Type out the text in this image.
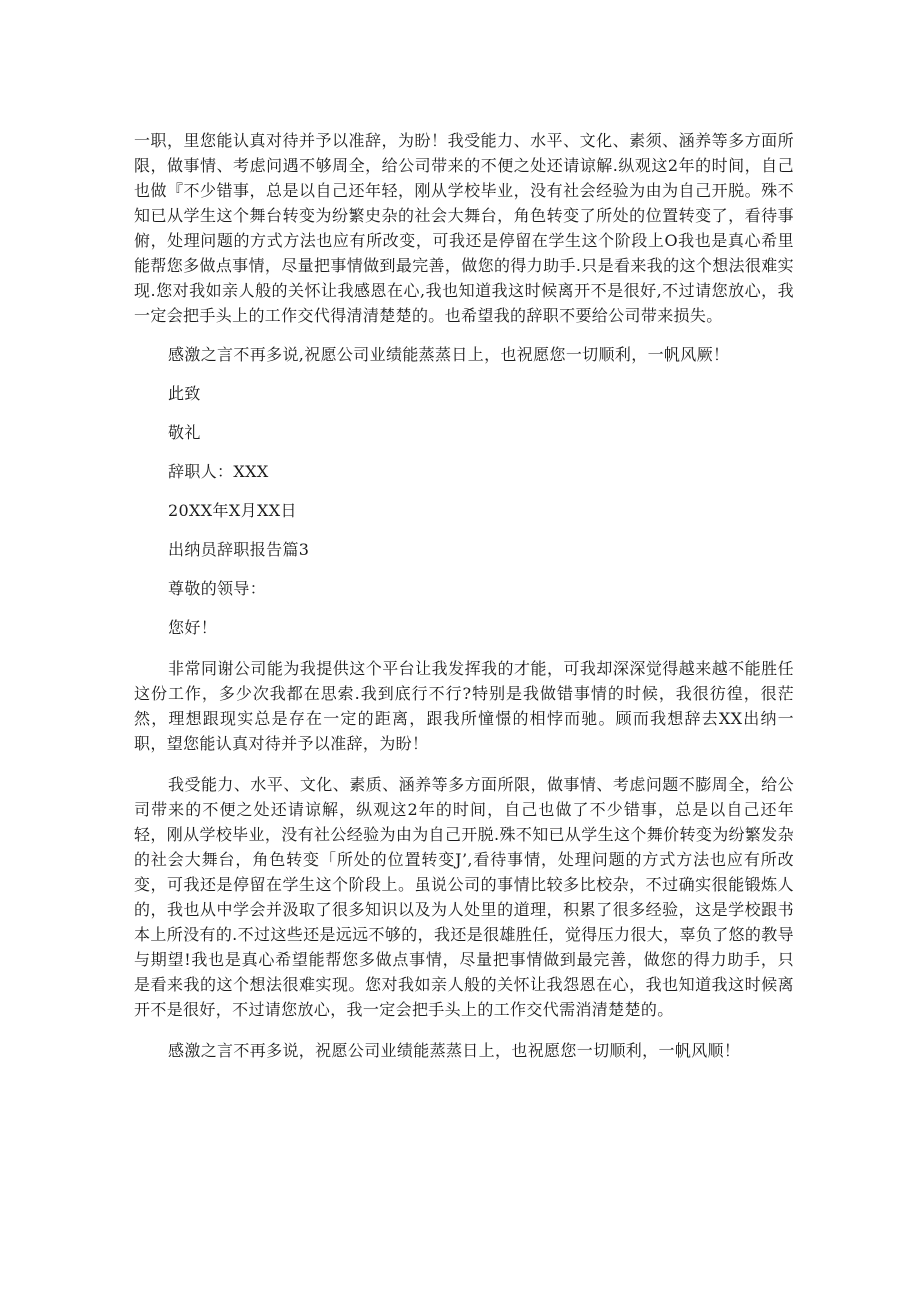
一职，里您能认真对待并予以准辞，为盼！我受能力、水平、文化、素须、涵养等多方面所限，做事情、考虑问遇不够周全，给公司带来的不便之处还请谅解.纵观这2年的时间，自己也做『不少错事，总是以自己还年轻，刚从学校毕业，没有社会经验为由为自己开脱。殊不知已从学生这个舞台转变为纷繁史杂的社会大舞台，角色转变了所处的位置转变了，看待事俯，处理问题的方式方法也应有所改变，可我还是停留在学生这个阶段上O我也是真心希里能帮您多做点事情，尽量把事情做到最完善，做您的得力助手.只是看来我的这个想法很难实现.您对我如亲人般的关怀让我感恩在心,我也知道我这时候离开不是很好,不过请您放心，我一定会把手头上的工作交代得清清楚楚的。也希望我的辞职不要给公司带来损失。

感激之言不再多说,祝愿公司业绩能蒸蒸日上，也祝愿您一切顺利，一帆风厥！

此致

敬礼

辞职人：XXX

20XX年X月XX日

出纳员辞职报告篇3

尊敬的领导：

您好！

非常同谢公司能为我提供这个平台让我发挥我的才能，可我却深深觉得越来越不能胜任这份工作，多少次我都在思索.我到底行不行?特别是我做错事情的时候，我很彷徨，很茫然，理想跟现实总是存在一定的距离，跟我所憧憬的相悖而驰。顾而我想辞去XX出纳一职，望您能认真对待并予以准辞，为盼！

我受能力、水平、文化、素质、涵养等多方面所限，做事情、考虑问题不膨周全，给公司带来的不便之处还请谅解，纵观这2年的时间，自己也做了不少错事，总是以自己还年轻，刚从学校毕业，没有社公经验为由为自己开脱.殊不知已从学生这个舞价转变为纷繁发杂的社会大舞台，角色转变「所处的位置转变J’,看待事情，处理问题的方式方法也应有所改变，可我还是停留在学生这个阶段上。虽说公司的事情比较多比校杂，不过确实很能锻炼人的，我也从中学会并汲取了很多知识以及为人处里的道理，积累了很多经验，这是学校跟书本上所没有的.不过这些还是远远不够的，我还是很雄胜任，觉得压力很大，辜负了悠的教导与期望!我也是真心希望能帮您多做点事情，尽量把事情做到最完善，做您的得力助手，只是看来我的这个想法很难实现。您对我如亲人般的关怀让我怨恩在心，我也知道我这时候离开不是很好，不过请您放心，我一定会把手头上的工作交代需消清楚楚的。

感激之言不再多说，祝愿公司业绩能蒸蒸日上，也祝愿您一切顺利，一帆风顺！
